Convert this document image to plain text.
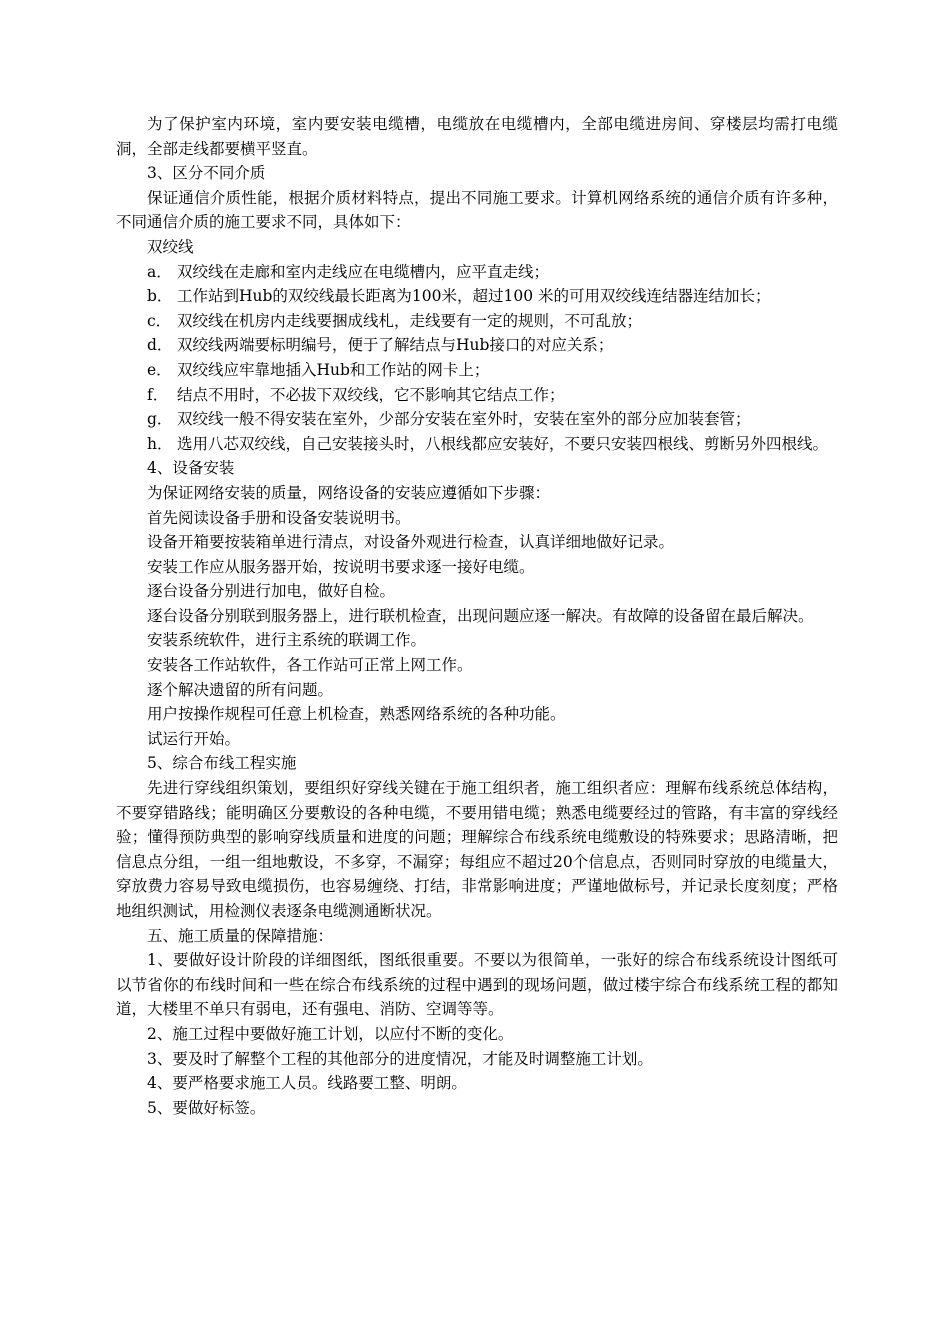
为了保护室内环境，室内要安装电缆槽，电缆放在电缆槽内，全部电缆进房间、穿楼层均需打电缆洞，全部走线都要横平竖直。

3、区分不同介质

保证通信介质性能，根据介质材料特点，提出不同施工要求。计算机网络系统的通信介质有许多种，不同通信介质的施工要求不同，具体如下：

双绞线

a． 双绞线在走廊和室内走线应在电缆槽内，应平直走线；

b． 工作站到Hub的双绞线最长距离为100米，超过100 米的可用双绞线连结器连结加长；

c． 双绞线在机房内走线要捆成线札，走线要有一定的规则，不可乱放；

d． 双绞线两端要标明编号，便于了解结点与Hub接口的对应关系；

e． 双绞线应牢靠地插入Hub和工作站的网卡上；

f． 结点不用时，不必拔下双绞线，它不影响其它结点工作；

g． 双绞线一般不得安装在室外，少部分安装在室外时，安装在室外的部分应加装套管；

h． 选用八芯双绞线，自己安装接头时，八根线都应安装好，不要只安装四根线、剪断另外四根线。

4、设备安装

为保证网络安装的质量，网络设备的安装应遵循如下步骤：

首先阅读设备手册和设备安装说明书。

设备开箱要按装箱单进行清点，对设备外观进行检查，认真详细地做好记录。

安装工作应从服务器开始，按说明书要求逐一接好电缆。

逐台设备分别进行加电，做好自检。

逐台设备分别联到服务器上，进行联机检查，出现问题应逐一解决。有故障的设备留在最后解决。

安装系统软件，进行主系统的联调工作。

安装各工作站软件，各工作站可正常上网工作。

逐个解决遗留的所有问题。

用户按操作规程可任意上机检查，熟悉网络系统的各种功能。

试运行开始。

5、综合布线工程实施

先进行穿线组织策划，要组织好穿线关键在于施工组织者，施工组织者应：理解布线系统总体结构，不要穿错路线；能明确区分要敷设的各种电缆，不要用错电缆；熟悉电缆要经过的管路，有丰富的穿线经验；懂得预防典型的影响穿线质量和进度的问题；理解综合布线系统电缆敷设的特殊要求；思路清晰，把信息点分组，一组一组地敷设，不多穿，不漏穿；每组应不超过20个信息点，否则同时穿放的电缆量大，穿放费力容易导致电缆损伤，也容易缠绕、打结，非常影响进度；严谨地做标号，并记录长度刻度；严格地组织测试，用检测仪表逐条电缆测通断状况。

五、施工质量的保障措施：

1、要做好设计阶段的详细图纸，图纸很重要。不要以为很简单，一张好的综合布线系统设计图纸可以节省你的布线时间和一些在综合布线系统的过程中遇到的现场问题，做过楼宇综合布线系统工程的都知道，大楼里不单只有弱电，还有强电、消防、空调等等。

2、施工过程中要做好施工计划，以应付不断的变化。

3、要及时了解整个工程的其他部分的进度情况，才能及时调整施工计划。

4、要严格要求施工人员。线路要工整、明朗。

5、要做好标签。
